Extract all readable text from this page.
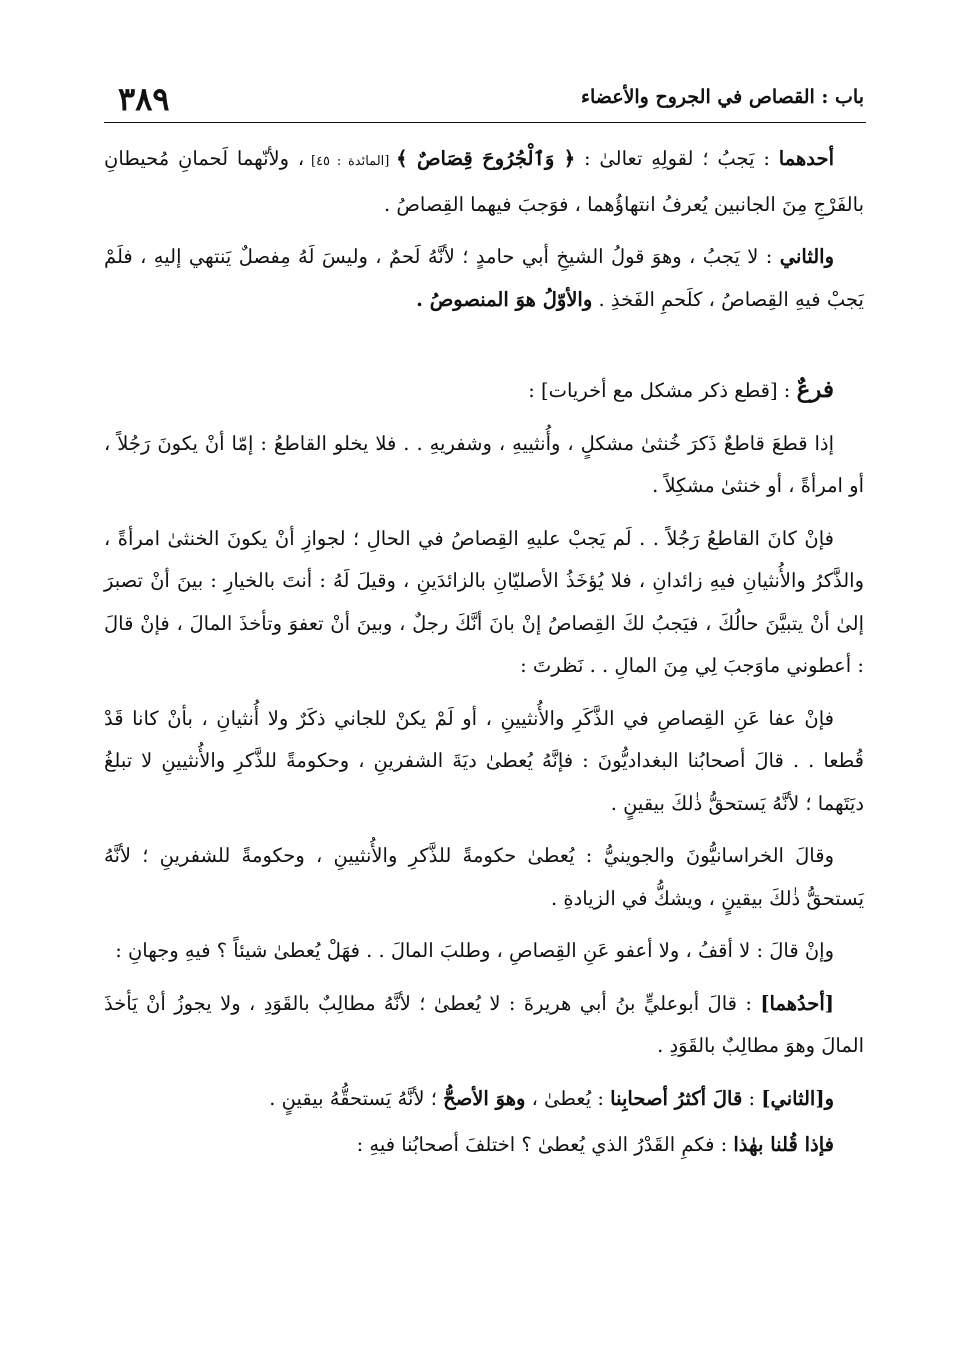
٣٨٩	باب : القصاص في الجروح والأعضاء

أحدهما : يَجبُ ؛ لقولِهِ تعالىٰ : ﴿ وَٱلْجُرُوحَ قِصَاصٌ ﴾ [المائدة : ٤٥] ، ولأنّهما لَحمانِ مُحيطانِ بالفَرْجِ مِنَ الجانبين يُعرفُ انتهاؤُهما ، فوَجبَ فيهما القِصاصُ .

والثاني : لا يَجبُ ، وهوَ قولُ الشيخِ أبي حامدٍ ؛ لأنَّهُ لَحمٌ ، وليسَ لَهُ مِفصلٌ يَنتهي إليهِ ، فلَمْ يَجبْ فيهِ القِصاصُ ، كلَحمِ الفَخذِ . والأوّلُ هوَ المنصوصُ .

فرعٌ : [قطع ذكر مشكل مع أخريات] :

إذا قطعَ قاطعٌ ذَكرَ خُنثىٰ مشكلٍ ، وأُنثييهِ ، وشفريهِ . . فلا يخلو القاطعُ : إمّا أنْ يكونَ رَجُلاً ، أو امرأةً ، أو خنثىٰ مشكِلاً .

فإنْ كانَ القاطعُ رَجُلاً . . لَم يَجبْ عليهِ القِصاصُ في الحالِ ؛ لجوازِ أنْ يكونَ الخنثىٰ امرأةً ، والذَّكرُ والأُنثيانِ فيهِ زائدانِ ، فلا يُؤخَذُ الأصليّانِ بالزائدَينِ ، وقيلَ لَهُ : أنتَ بالخيارِ : بينَ أنْ تصبرَ إلىٰ أنْ يتبيَّنَ حالُكَ ، فيَجبُ لكَ القِصاصُ إنْ بانَ أنَّكَ رجلٌ ، وبينَ أنْ تعفوَ وتأخذَ المالَ ، فإنْ قالَ : أعطوني ماوَجبَ لِي مِنَ المالِ . . نَظرتَ :

فإنْ عفا عَنِ القِصاصِ في الذَّكَرِ والأُنثيينِ ، أو لَمْ يكنْ للجاني ذكَرٌ ولا أُنثيانِ ، بأنْ كانا قَدْ قُطعا . . قالَ أصحابُنا البغداديُّونَ : فإنَّهُ يُعطىٰ ديَةَ الشفرينِ ، وحكومةً للذَّكرِ والأُنثيينِ لا تبلغُ ديَتَهما ؛ لأنَّهُ يَستحقُّ ذٰلكَ بيقينٍ .

وقالَ الخراسانيُّونَ والجوينيُّ : يُعطىٰ حكومةً للذَّكرِ والأُنثيينِ ، وحكومةً للشفرينِ ؛ لأنَّهُ يَستحقُّ ذٰلكَ بيقينٍ ، ويشكُّ في الزيادةِ .

وإنْ قالَ : لا أقفُ ، ولا أعفو عَنِ القِصاصِ ، وطلبَ المالَ . . فهَلْ يُعطىٰ شيئاً ؟ فيهِ وجهانِ :

[أحدُهما] : قالَ أبوعليٍّ بنُ أبي هريرةَ : لا يُعطىٰ ؛ لأنَّهُ مطالِبٌ بالقَوَدِ ، ولا يجوزُ أنْ يَأخذَ المالَ وهوَ مطالِبٌ بالقَوَدِ .

و[الثاني] : قالَ أكثرُ أصحابِنا : يُعطىٰ ، وهوَ الأصحُّ ؛ لأنَّهُ يَستحقُّهُ بيقينٍ .

فإذا قُلنا بهٰذا : فكمِ القَدْرُ الذي يُعطىٰ ؟ اختلفَ أصحابُنا فيهِ :
